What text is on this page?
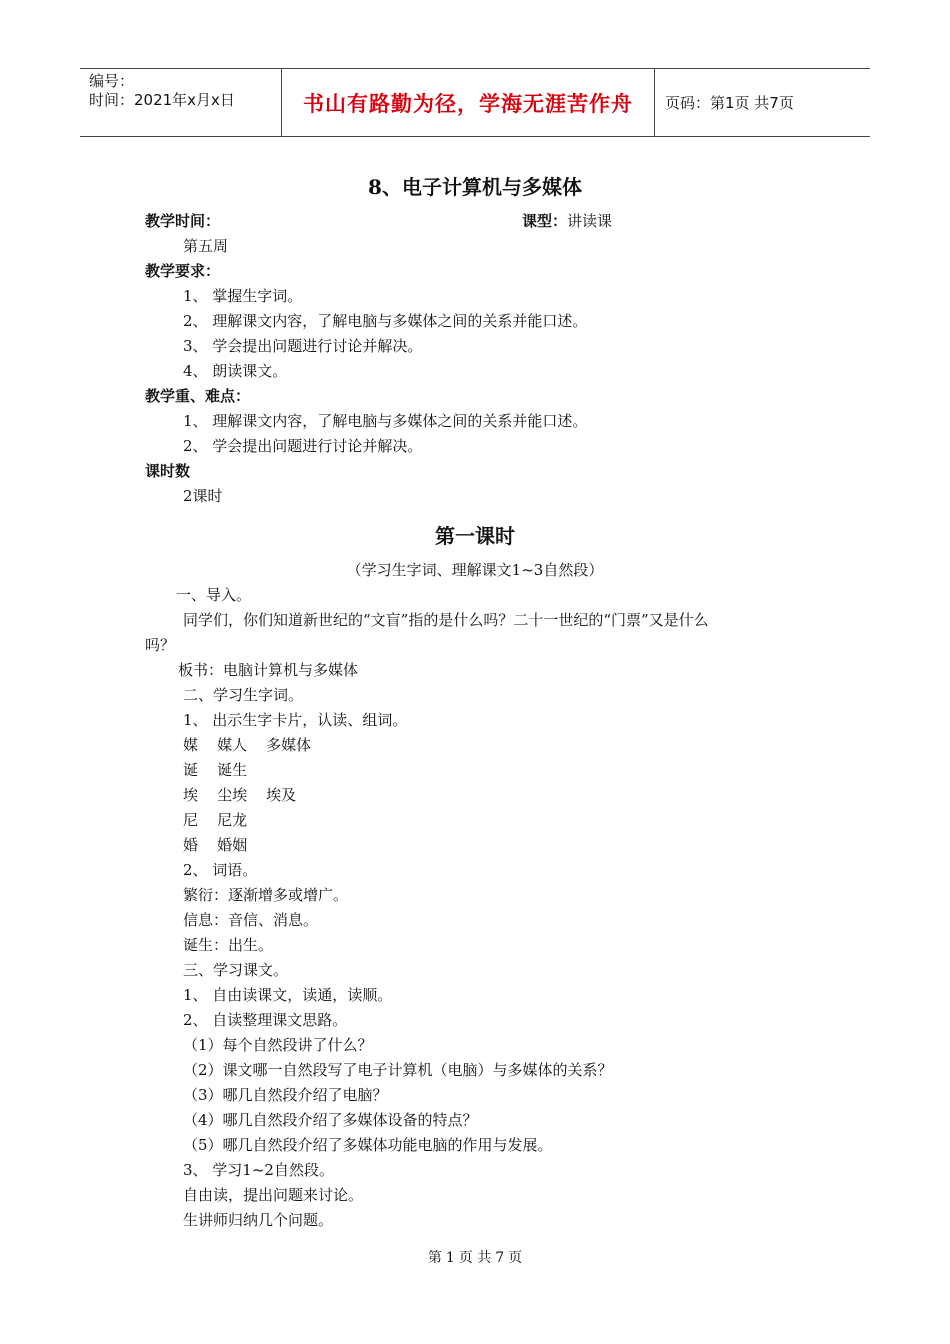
编号：
时间：2021年x月x日	书山有路勤为径，学海无涯苦作舟	页码：第1页 共7页
8、电子计算机与多媒体
教学时间：	课型：讲读课
第五周
教学要求：
1、 掌握生字词。
2、 理解课文内容，了解电脑与多媒体之间的关系并能口述。
3、 学会提出问题进行讨论并解决。
4、 朗读课文。
教学重、难点：
1、 理解课文内容，了解电脑与多媒体之间的关系并能口述。
2、 学会提出问题进行讨论并解决。
课时数
2课时
第一课时
（学习生字词、理解课文1~3自然段）
一、导入。
同学们，你们知道新世纪的“文盲”指的是什么吗？二十一世纪的“门票”又是什么
吗？
板书：电脑计算机与多媒体
二、学习生字词。
1、 出示生字卡片，认读、组词。
媒    媒人    多媒体
诞    诞生
埃    尘埃    埃及
尼    尼龙
婚    婚姻
2、 词语。
繁衍：逐渐增多或增广。
信息：音信、消息。
诞生：出生。
三、学习课文。
1、 自由读课文，读通，读顺。
2、 自读整理课文思路。
（1）每个自然段讲了什么？
（2）课文哪一自然段写了电子计算机（电脑）与多媒体的关系？
（3）哪几自然段介绍了电脑？
（4）哪几自然段介绍了多媒体设备的特点？
（5）哪几自然段介绍了多媒体功能电脑的作用与发展。
3、 学习1~2自然段。
自由读，提出问题来讨论。
生讲师归纳几个问题。
第 1 页 共 7 页
